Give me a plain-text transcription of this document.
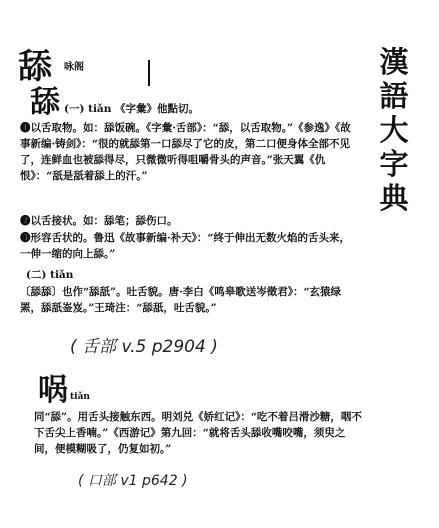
漢
語
大
字
典
舔 咏阁
舔 (一) tiǎn 《字彙》他點切。
❶以舌取物。如：舔饭碗。《字彙·舌部》：“舔，以舌取物。”《参逸》《故事新编·铸剑》：“很的就舔第一口舔尽了它的皮，第二口便身体全部不见了，连鲜血也被舔得尽，只微微听得咀嚼骨头的声音。”张天翼《仇恨》：“舐是舐着舔上的汗。”
❷以舌接状。如：舔笔；舔伤口。
❸形容舌状的。鲁迅《故事新编·补天》：“终于伸出无数火焰的舌头来，一伸一缩的向上舔。”
(二) tiǎn
〔舔舔〕也作“舔舐”。吐舌貌。唐·李白《鸣皋歌送岑徵君》：“玄猿绿罴，舔舐崟岌。”王琦注：“舔舐，吐舌貌。”
( 舌部 v.5 p2904 )
㖞 tiǎn
同“舔”。用舌头接触东西。明刘兑《娇红记》：“吃不着吕滑沙糖，咽不下舌尖上香喃。”《西游记》第九回：“就将舌头舔收嘴咬嘴，须臾之间，便模糊吸了，仍复如初。”
( 口部 v1 p642 )
